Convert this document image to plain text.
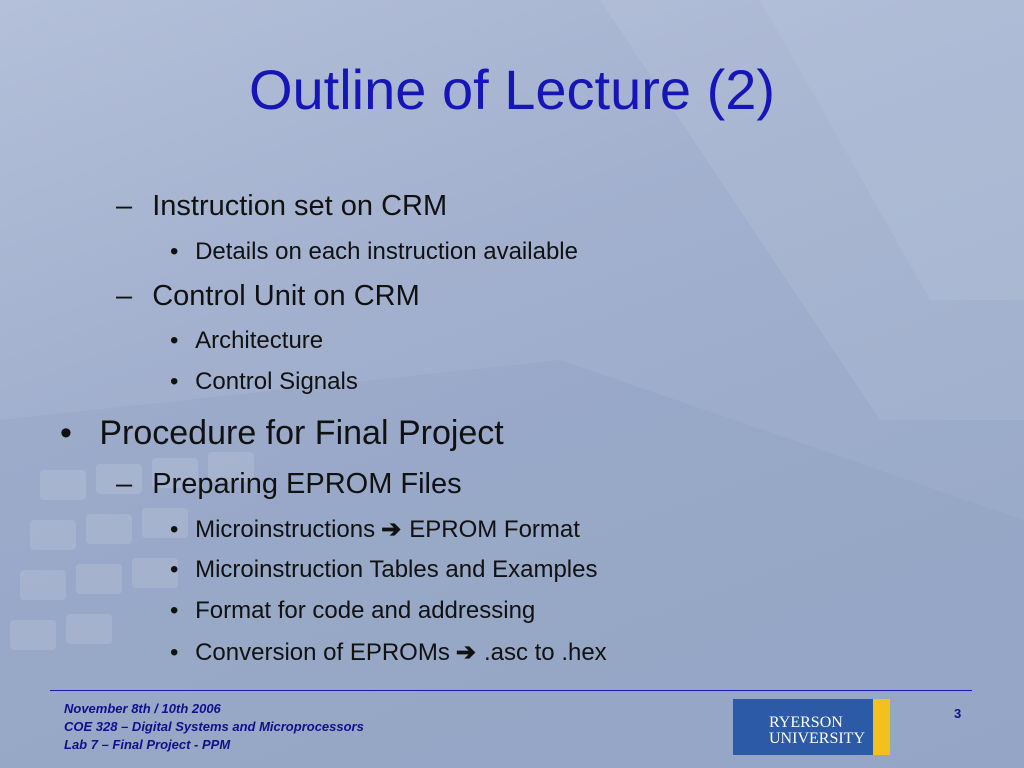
Outline of Lecture (2)
– Instruction set on CRM
• Details on each instruction available
– Control Unit on CRM
• Architecture
• Control Signals
• Procedure for Final Project
– Preparing EPROM Files
• Microinstructions ➔ EPROM Format
• Microinstruction Tables and Examples
• Format for code and addressing
• Conversion of EPROMs ➔ .asc to .hex
November 8th / 10th 2006
COE 328 – Digital Systems and Microprocessors
Lab 7 – Final Project - PPM
RYERSON
UNIVERSITY
3
